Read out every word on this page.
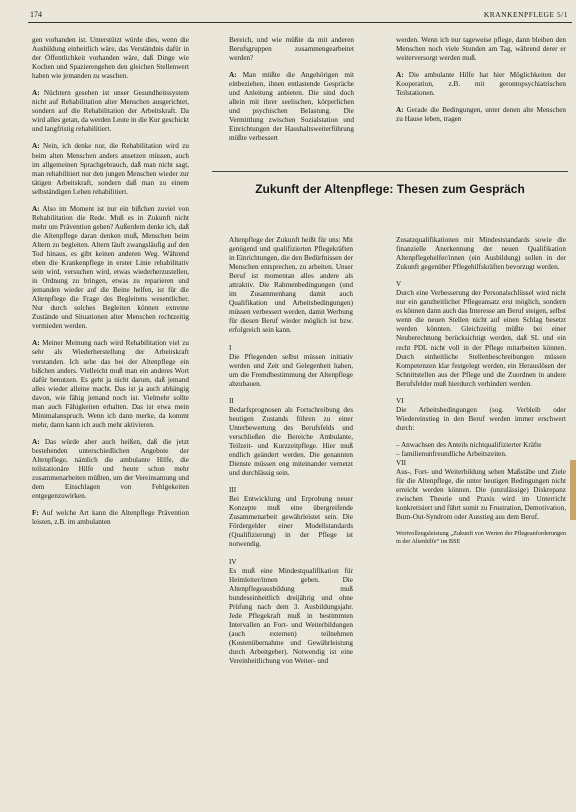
174	KRANKENPFLEGE 5/1

gen vorhanden ist. Unterstützt würde dies, wenn die Ausbildung einheitlich wäre, das Verständnis dafür in der Öffentlichkeit vorhanden wäre, daß Dinge wie Kochen und Spazierengehen den gleichen Stellenwert haben wie jemanden zu waschen.

A: Nüchtern gesehen ist unser Gesundheitssystem nicht auf Rehabilitation alter Menschen ausgerichtet, sondern auf die Rehabilitation der Arbeitskraft. Da wird alles getan, da werden Leute in die Kur geschickt und langfristig rehabilitiert.

A: Nein, ich denke nur, die Rehabilitation wird zu beim alten Menschen anders ansetzen müssen, auch im allgemeinen Sprachgebrauch, daß man nicht sagt, man rehabilitiert nur den jungen Menschen wieder zur tätigen Arbeitskraft, sondern daß man zu einem selbständigen Leben rehabilitiert.

A: Also im Moment ist nur ein bißchen zuviel von Rehabilitation die Rede. Muß es in Zukunft nicht mehr um Prävention gehen? Außerdem denke ich, daß die Altenpflege daran denken muß, Menschen beim Altern zu begleiten. Altern läuft zwangsläufig auf den Tod hinaus, es gibt keinen anderen Weg. Während eben die Krankenpflege in erster Linie rehabilitativ sein wird, versuchen wird, etwas wiederherzustellen, in Ordnung zu bringen, etwas zu reparieren und jemanden wieder auf die Beine helfen, ist für die Altenpflege die Frage des Begleitens wesentlicher. Nur durch solches Begleiten können extreme Zustände und Situationen alter Menschen rechtzeitig vermieden werden.

A: Meiner Meinung nach wird Rehabilitation viel zu sehr als Wiederherstellung der Arbeitskraft verstanden. Ich sehe das bei der Altenpflege ein bißchen anders. Vielleicht muß man ein anderes Wort dafür benutzen. Es geht ja nicht darum, daß jemand alles wieder alleine macht. Das ist ja auch abhängig davon, wie fähig jemand noch ist. Vielmehr sollte man auch Fähigkeiten erhalten. Das ist etwa mein Minimalanspruch. Wenn ich dann merke, da kommt mehr, dann kann ich auch mehr aktivieren.

A: Das würde aber auch heißen, daß die jetzt bestehenden unterschiedlichen Angebote der Altenpflege, nämlich die ambulante Hilfe, die teilstationäre Hilfe und heute schon mehr zusammenarbeiten müßten, um der Vereinsamung und dem Einschlagen von Fehlgekeiten entgegenzuwirken.

F: Auf welche Art kann die Altenpflege Prävention leisten, z.B. im ambulanten

Bereich, und wie müßte da mit anderen Berufsgruppen zusammengearbeitet werden?

A: Man müßte die Angehörigen mit einbeziehen, ihnen entlastende Gespräche und Anleitung anbieten. Die sind doch allein mit ihrer seelischen, körperlichen und psychischen Belastung. Die Vermittlung zwischen Sozialstation und Einrichtungen der Haushaltsweiterführung müßte verbessert

werden. Wenn ich nur tageweise pflege, dann bleiben den Menschen noch viele Stunden am Tag, während derer er weiterversorgt werden muß.

A: Die ambulante Hilfe hat hier Möglichkeiten der Kooperation, z.B. mit gerontopsychiatrischen Teilstationen.

A: Gerade die Bedingungen, unter denen alte Menschen zu Hause leben, tragen

Zukunft der Altenpflege: Thesen zum Gespräch

Altenpflege der Zukunft heißt für uns: Mit genügend und qualifizierten Pflegekräften in Einrichtungen, die den Bedürfnissen der Menschen entsprechen, zu arbeiten. Unser Beruf ist momentan alles andere als attraktiv. Die Rahmenbedingungen (und im Zusammenhang damit auch Qualifikation und Arbeitsbedingungen) müssen verbessert werden, damit Werbung für diesen Beruf wieder möglich ist bzw. erfolgreich sein kann.

I
Die Pflegenden selbst müssen initiativ werden und Zeit und Gelegenheit haben, um die Fremdbestimmung der Altenpflege abzubauen.

II
Bedarfsprognosen als Fortschreibung des heutigen Zustands führen zu einer Unterbewertung des Berufsfelds und verschließen die Bereiche Ambulante, Teilzeit- und Kurzzeitpflege. Hier muß endlich geändert werden. Die genannten Dienste müssen eng miteinander vernetzt und durchlässig sein.

III
Bei Entwicklung und Erprobung neuer Konzepte muß eine übergreifende Zusammenarbeit gewährleistet sein. Die Fördergelder einer Modellstandards (Qualifizierung) in der Pflege ist notwendig.

IV
Es muß eine Mindestqualifikation für Heimleiter/innen geben. Die Altenpflegeausbildung muß bundeseinheitlich dreijährig und ohne Prüfung nach dem 3. Ausbildungsjahr. Jede Pflegekraft muß in bestimmten Intervallen an Fort- und Weiterbildungen (auch externen) teilnehmen (Kostenübernahme und Gewährleistung durch Arbeitgeber). Notwendig ist eine Vereinheitlichung von Weiter- und

Zusatzqualifikationen mit Mindeststandards sowie die finanzielle Anerkennung der neuen Qualifikation Altenpflegehelfer/innen (ein Ausbildung) sollen in der Zukunft gegenüber Pflegehilfskräften bevorzugt werden.

V
Durch eine Verbesserung der Personalschlüssel wird nicht nur ein ganzheitlicher Pflegeansatz erst möglich, sondern es können dann auch das Interesse am Beruf steigen, selbst wenn die neuen Stellen nicht auf einen Schlag besetzt werden könnten. Gleichzeitig müßte bei einer Neuberechnung berücksichtigt werden, daß SL und ein recht PDL nicht voll in der Pflege mitarbeiten können. Durch einheitliche Stellenbeschreibungen müssen Kompetenzen klar festgelegt werden, ein Herauslösen der Schnittstellen aus der Pflege und die Zuordnen in andere Berufsfelder muß hierdurch verhindert werden.

VI
Die Arbeitsbedingungen (sog. Verbleib oder Wiedereinstieg in den Beruf werden immer erschwert durch:

– Anwachsen des Anteils nichtqualifizierter Kräfte

– familienunfreundliche Arbeitszeiten.

VII
Aus-, Fort- und Weiterbildung sehen Maßstäbe und Ziele für die Altenpflege, die unter heutigen Bedingungen nicht erreicht werden können. Die (unzulässige) Diskrepanz zwischen Theorie und Praxis wird im Unterricht konkretisiert und führt somit zu Frustration, Demotivation, Burn-Out-Syndrom oder Ausstieg aus dem Beruf.

Wortvollzugsleistung „Zukunft von Werten der Pflegeanforderungen in der Altenhilfe“ im BSE
